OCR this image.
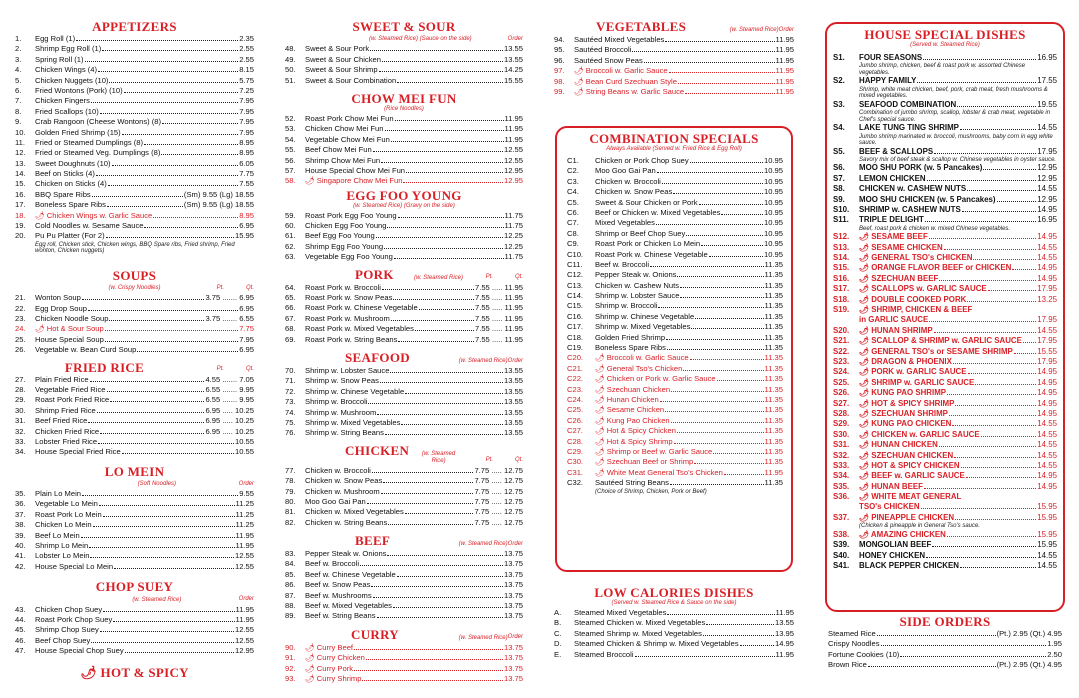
APPETIZERS
1.	Egg Roll (1)	2.35
2.	Shrimp Egg Roll (1)	2.55
3.	Spring Roll (1)	2.55
4.	Chicken Wings (4)	8.15
5.	Chicken Nuggets (10)	5.75
6.	Fried Wontons (Pork) (10)	7.25
7.	Chicken Fingers	7.95
8.	Fried Scallops (10)	7.95
9.	Crab Rangoon (Cheese Wontons) (8)	7.95
10.	Golden Fried Shrimp (15)	7.95
11.	Fried or Steamed Dumplings (8)	8.95
12.	Fried or Steamed Veg. Dumplings (8)	8.95
13.	Sweet Doughnuts (10)	6.05
14.	Beef on Sticks (4)	7.75
15.	Chicken on Sticks (4)	7.55
16.	BBQ Spare Ribs	(Sm) 9.55 (Lg) 18.55
17.	Boneless Spare Ribs	(Sm) 9.55 (Lg) 18.55
18.	🌶 Chicken Wings w. Garlic Sauce	8.95
19.	Cold Noodles w. Sesame Sauce	6.95
20.	Pu Pu Platter (For 2)	15.95
Egg roll, Chicken stick, Chicken wings, BBQ Spare ribs, Fried shrimp, Fried wonton, Chicken nuggets)
SOUPS
(w. Crispy Noodles)	Pt.	Qt.
21.	Wonton Soup	3.75 ....... 6.95
22.	Egg Drop Soup	6.95
23.	Chicken Noodle Soup	3.75 ....... 6.55
24.	🌶 Hot & Sour Soup	7.75
25.	House Special Soup	7.95
26.	Vegetable w. Bean Curd Soup	6.95
FRIED RICE	Pt.	Qt.
27.	Plain Fried Rice	4.55 ....... 7.05
28.	Vegetable Fried Rice	6.55 ....... 9.95
29.	Roast Pork Fried Rice	6.55 ....... 9.95
30.	Shrimp Fried Rice	6.95 ..... 10.25
31.	Beef Fried Rice	6.95 ..... 10.25
32.	Chicken Fried Rice	6.95 ..... 10.25
33.	Lobster Fried Rice	10.55
34.	House Special Fried Rice	10.55
LO MEIN
(Soft Noodles)	Order
35.	Plain Lo Mein	9.55
36.	Vegetable Lo Mein	11.25
37.	Roast Pork Lo Mein	11.25
38.	Chicken Lo Mein	11.25
39.	Beef Lo Mein	11.95
40.	Shrimp Lo Mein	11.95
41.	Lobster Lo Mein	12.55
42.	House Special Lo Mein	12.55
CHOP SUEY
(w. Steamed Rice)	Order
43.	Chicken Chop Suey	11.95
44.	Roast Pork Chop Suey	11.95
45.	Shrimp Chop Suey	12.55
46.	Beef Chop Suey	12.55
47.	House Special Chop Suey	12.95
🌶 HOT & SPICY
SWEET & SOUR
(w. Steamed Rice) (Sauce on the side)	Order
48.	Sweet & Sour Pork	13.55
49.	Sweet & Sour Chicken	13.55
50.	Sweet & Sour Shrimp	14.25
51.	Sweet & Sour Combination	15.55
CHOW MEI FUN
(Rice Noodles)
52.	Roast Pork Chow Mei Fun	11.95
53.	Chicken Chow Mei Fun	11.95
54.	Vegetable Chow Mei Fun	11.95
55.	Beef Chow Mei Fun	12.55
56.	Shrimp Chow Mei Fun	12.55
57.	House Special Chow Mei Fun	12.95
58.	🌶 Singapore Chow Mei Fun	12.95
EGG FOO YOUNG
(w. Steamed Rice) (Gravy on the side)
59.	Roast Pork Egg Foo Young	11.75
60.	Chicken Egg Foo Young	11.75
61.	Beef Egg Foo Young	12.25
62.	Shrimp Egg Foo Young	12.25
63.	Vegetable Egg Foo Young	11.75
PORK	(w. Steamed Rice)	Pt.	Qt.
64.	Roast Pork w. Broccoli	7.55 ..... 11.95
65.	Roast Pork w. Snow Peas	7.55 ..... 11.95
66.	Roast Pork w. Chinese Vegetable	7.55 ..... 11.95
67.	Roast Pork w. Mushroom	7.55 ..... 11.95
68.	Roast Pork w. Mixed Vegetables	7.55 ..... 11.95
69.	Roast Pork w. String Beans	7.55 ..... 11.95
SEAFOOD	(w. Steamed Rice) Order
70.	Shrimp w. Lobster Sauce	13.55
71.	Shrimp w. Snow Peas	13.55
72.	Shrimp w. Chinese Vegetable	13.55
73.	Shrimp w. Broccoli	13.55
74.	Shrimp w. Mushroom	13.55
75.	Shrimp w. Mixed Vegetables	13.55
76.	Shrimp w. String Beans	13.55
CHICKEN	(w. Steamed Rice)	Pt.	Qt.
77.	Chicken w. Broccoli	7.75 ..... 12.75
78.	Chicken w. Snow Peas	7.75 ..... 12.75
79.	Chicken w. Mushroom	7.75 ..... 12.75
80.	Moo Goo Gai Pan	7.75 ..... 12.75
81.	Chicken w. Mixed Vegetables	7.75 ..... 12.75
82.	Chicken w. String Beans	7.75 ..... 12.75
BEEF	(w. Steamed Rice) Order
83.	Pepper Steak w. Onions	13.75
84.	Beef w. Broccoli	13.75
85.	Beef w. Chinese Vegetable	13.75
86.	Beef w. Snow Peas	13.75
87.	Beef w. Mushrooms	13.75
88.	Beef w. Mixed Vegetables	13.75
89.	Beef w. String Beans	13.75
CURRY	(w. Steamed Rice) Order
90.	🌶 Curry Beef	13.75
91.	🌶 Curry Chicken	13.75
92.	🌶 Curry Pork	13.75
93.	🌶 Curry Shrimp	13.75
VEGETABLES	(w. Steamed Rice) Order
94.	Sautéed Mixed Vegetables	11.95
95.	Sautéed Broccoli	11.95
96.	Sautéed Snow Peas	11.95
97.	🌶 Broccoli w. Garlic Sauce	11.95
98.	🌶 Bean Curd Szechuan Style	11.95
99.	🌶 String Beans w. Garlic Sauce	11.95
COMBINATION SPECIALS
Always Available (Served w. Fried Rice & Egg Roll)
C1.	Chicken or Pork Chop Suey	10.95
C2.	Moo Goo Gai Pan	10.95
C3.	Chicken w. Broccoli	10.95
C4.	Chicken w. Snow Peas	10.95
C5.	Sweet & Sour Chicken or Pork	10.95
C6.	Beef or Chicken w. Mixed Vegetables	10.95
C7.	Mixed Vegetables	10.95
C8.	Shrimp or Beef Chop Suey	10.95
C9.	Roast Pork or Chicken Lo Mein	10.95
C10.	Roast Pork w. Chinese Vegetable	10.95
C11.	Beef w. Broccoli	11.35
C12.	Pepper Steak w. Onions	11.35
C13.	Chicken w. Cashew Nuts	11.35
C14.	Shrimp w. Lobster Sauce	11.35
C15.	Shrimp w. Broccoli	11.35
C16.	Shrimp w. Chinese Vegetable	11.35
C17.	Shrimp w. Mixed Vegetables	11.35
C18.	Golden Fried Shrimp	11.35
C19.	Boneless Spare Ribs	11.35
C20.	🌶 Broccoli w. Garlic Sauce	11.35
C21.	🌶 General Tso's Chicken	11.35
C22.	🌶 Chicken or Pork w. Garlic Sauce	11.35
C23.	🌶 Szechuan Chicken	11.35
C24.	🌶 Hunan Chicken	11.35
C25.	🌶 Sesame Chicken	11.35
C26.	🌶 Kung Pao Chicken	11.35
C27.	🌶 Hot & Spicy Chicken	11.35
C28.	🌶 Hot & Spicy Shrimp	11.35
C29.	🌶 Shrimp or Beef w. Garlic Sauce	11.35
C30.	🌶 Szechuan Beef or Shrimp	11.35
C31.	🌶 White Meat General Tso's Chicken	11.95
C32.	Sautéed String Beans	11.35
(Choice of Shrimp, Chicken, Pork or Beef)
LOW CALORIES DISHES
(Served w. Steamed Rice & Sauce on the side)
A.	Steamed Mixed Vegetables	11.95
B.	Steamed Chicken w. Mixed Vegetables	13.55
C.	Steamed Shrimp w. Mixed Vegetables	13.95
D.	Steamed Chicken & Shrimp w. Mixed Vegetables	14.95
E.	Steamed Broccoli	11.95
HOUSE SPECIAL DISHES
(Served w. Steamed Rice)
S1.	FOUR SEASONS	16.95
Jumbo shrimp, chicken, beef & roast pork w. assorted Chinese vegetables.
S2.	HAPPY FAMILY	17.55
Shrimp, white meat chicken, beef, pork, crab meat, fresh mushrooms & mixed vegetables.
S3.	SEAFOOD COMBINATION	19.55
Combination of jumbo shrimp, scallop, lobster & crab meat, vegetable in Chef's special sauce.
S4.	LAKE TUNG TING SHRIMP	14.55
Jumbo shrimp marinated w. broccoli, mushrooms, baby corn in egg white sauce.
S5.	BEEF & SCALLOPS	17.95
Savory mix of beef steak & scallop w. Chinese vegetables in oyster sauce.
S6.	MOO SHU PORK (w. 5 Pancakes)	12.95
S7.	LEMON CHICKEN	12.95
S8.	CHICKEN w. CASHEW NUTS	14.55
S9.	MOO SHU CHICKEN (w. 5 Pancakes)	12.95
S10.	SHRIMP w. CASHEW NUTS	14.95
S11.	TRIPLE DELIGHT	16.95
Beef, roast pork & chicken w. mixed Chinese vegetables.
S12.	🌶 SESAME BEEF	14.95
S13.	🌶 SESAME CHICKEN	14.55
S14.	🌶 GENERAL TSO's CHICKEN	14.55
S15.	🌶 ORANGE FLAVOR BEEF or CHICKEN	14.95
S16.	🌶 SZECHUAN BEEF	14.95
S17.	🌶 SCALLOPS w. GARLIC SAUCE	17.95
S18.	🌶 DOUBLE COOKED PORK	13.25
S19.	🌶 SHRIMP, CHICKEN & BEEF
in GARLIC SAUCE	17.95
S20.	🌶 HUNAN SHRIMP	14.55
S21.	🌶 SCALLOP & SHRIMP w. GARLIC SAUCE 17.95
S22.	🌶 GENERAL TSO's or SESAME SHRIMP	15.55
S23.	🌶 DRAGON & PHOENIX	17.95
S24.	🌶 PORK w. GARLIC SAUCE	14.95
S25.	🌶 SHRIMP w. GARLIC SAUCE	14.95
S26.	🌶 KUNG PAO SHRIMP	14.95
S27.	🌶 HOT & SPICY SHRIMP	14.95
S28.	🌶 SZECHUAN SHRIMP	14.95
S29.	🌶 KUNG PAO CHICKEN	14.55
S30.	🌶 CHICKEN w. GARLIC SAUCE	14.55
S31.	🌶 HUNAN CHICKEN	14.55
S32.	🌶 SZECHUAN CHICKEN	14.55
S33.	🌶 HOT & SPICY CHICKEN	14.55
S34.	🌶 BEEF w. GARLIC SAUCE	14.95
S35.	🌶 HUNAN BEEF	14.95
S36.	🌶 WHITE MEAT GENERAL
TSO's CHICKEN	15.95
S37.	🌶 PINEAPPLE CHICKEN	15.95
(Chicken & pineapple in General Tso's sauce.
S38.	🌶 AMAZING CHICKEN	15.95
S39.	MONGOLIAN BEEF	15.95
S40.	HONEY CHICKEN	14.55
S41.	BLACK PEPPER CHICKEN	14.55
SIDE ORDERS
Steamed Rice	(Pt.) 2.95 (Qt.) 4.95
Crispy Noodles	1.95
Fortune Cookies (10)	2.50
Brown Rice	(Pt.) 2.95 (Qt.) 4.95
